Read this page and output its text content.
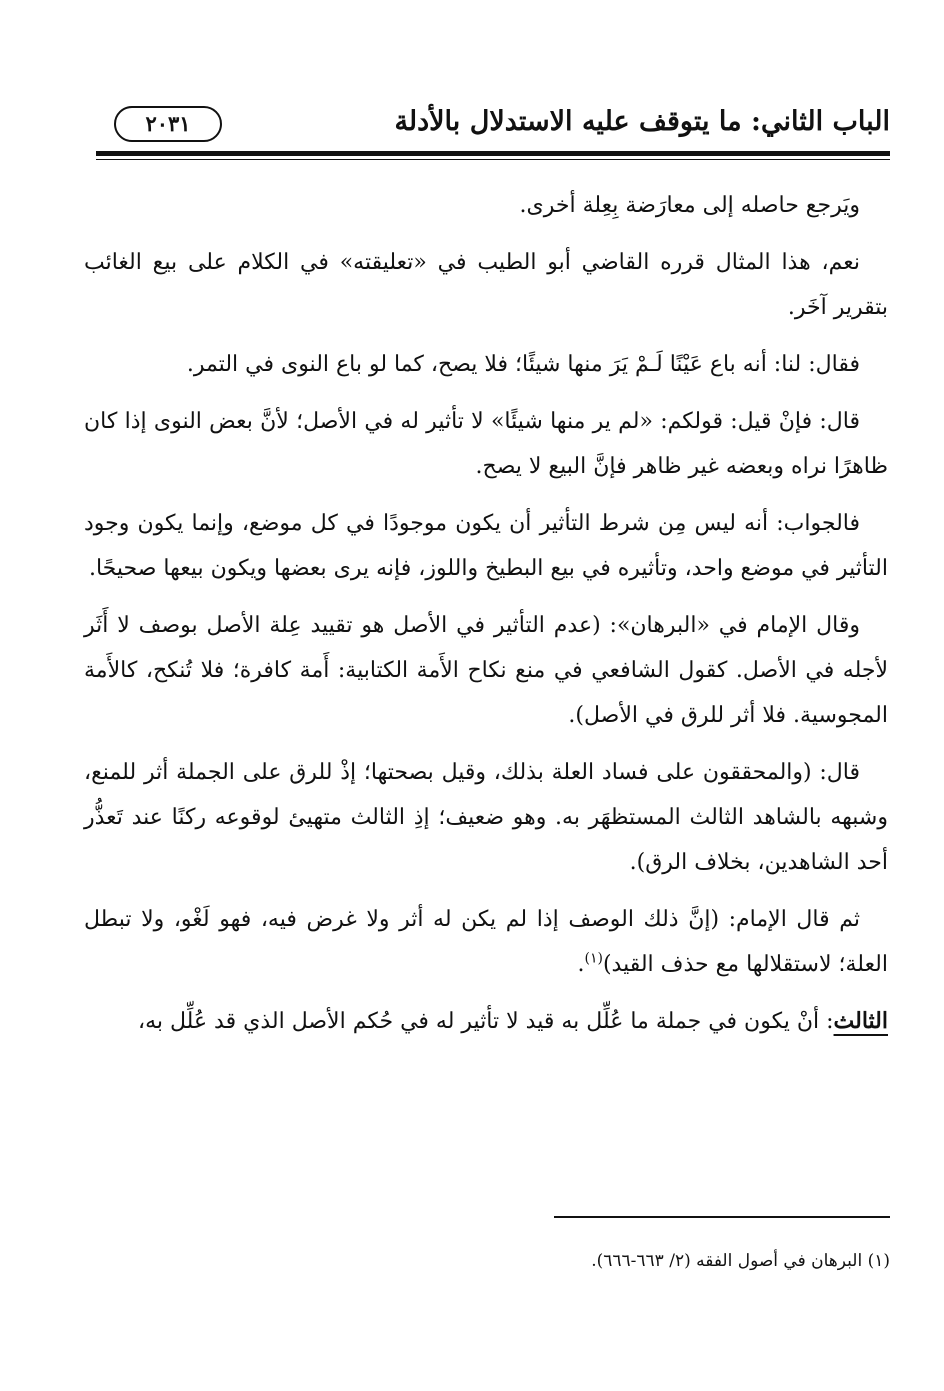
الباب الثاني: ما يتوقف عليه الاستدلال بالأدلة
٢٠٣١

ويَرجع حاصله إلى معارَضة بِعِلة أخرى.

نعم، هذا المثال قرره القاضي أبو الطيب في «تعليقته» في الكلام على بيع الغائب بتقرير آخَر.

فقال: لنا: أنه باع عَيْنًا لَـمْ يَرَ منها شيئًا؛ فلا يصح، كما لو باع النوى في التمر.

قال: فإنْ قيل: قولكم: «لم ير منها شيئًا» لا تأثير له في الأصل؛ لأنَّ بعض النوى إذا كان ظاهرًا نراه وبعضه غير ظاهر فإنَّ البيع لا يصح.

فالجواب: أنه ليس مِن شرط التأثير أن يكون موجودًا في كل موضع، وإنما يكون وجود التأثير في موضع واحد، وتأثيره في بيع البطيخ واللوز، فإنه يرى بعضها ويكون بيعها صحيحًا.

وقال الإمام في «البرهان»: (عدم التأثير في الأصل هو تقييد عِلة الأصل بوصف لا أَثَر لأجله في الأصل. كقول الشافعي في منع نكاح الأَمة الكتابية: أَمة كافرة؛ فلا تُنكح، كالأَمة المجوسية. فلا أثر للرق في الأصل).

قال: (والمحققون على فساد العلة بذلك، وقيل بصحتها؛ إذْ للرق على الجملة أثر للمنع، وشبهه بالشاهد الثالث المستظهَر به. وهو ضعيف؛ إذِ الثالث متهيئ لوقوعه ركنًا عند تَعذُّر أحد الشاهدين، بخلاف الرق).

ثم قال الإمام: (إنَّ ذلك الوصف إذا لم يكن له أثر ولا غرض فيه، فهو لَغْو، ولا تبطل العلة؛ لاستقلالها مع حذف القيد)$^{(١)}$.

الثالث: أنْ يكون في جملة ما عُلِّل به قيد لا تأثير له في حُكم الأصل الذي قد عُلِّل به،

(١) البرهان في أصول الفقه (٢/ ٦٦٣-٦٦٦).
